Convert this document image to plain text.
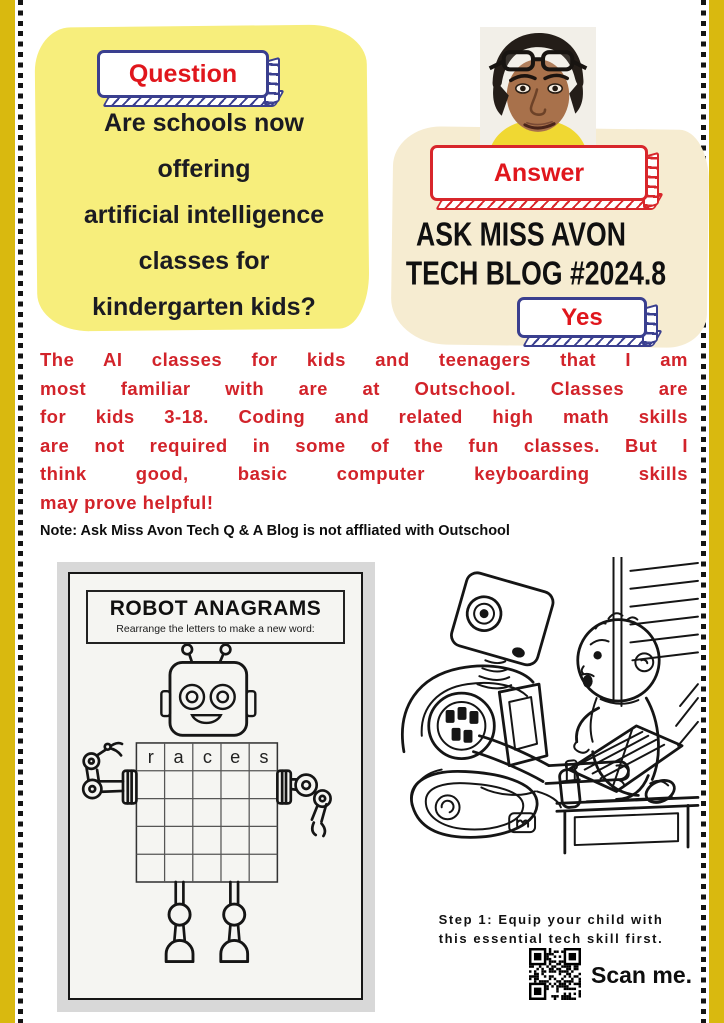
Question
Are schools now
offering
artificial intelligence
classes for
kindergarten kids?
Answer
ASK MISS AVON
TECH BLOG #2024.8
Yes
The AI classes for kids and teenagers that I am
most familiar with are at Outschool. Classes are
for kids 3-18. Coding and related high math skills
are not required in some of the fun classes. But I
think good, basic computer keyboarding skills
may prove helpful!
Note: Ask Miss Avon Tech Q & A Blog is not affliated with Outschool
ROBOT ANAGRAMS
Rearrange the letters to make a new word:
r a c e s
Step 1: Equip your child with
this essential tech skill first.
Scan me.
